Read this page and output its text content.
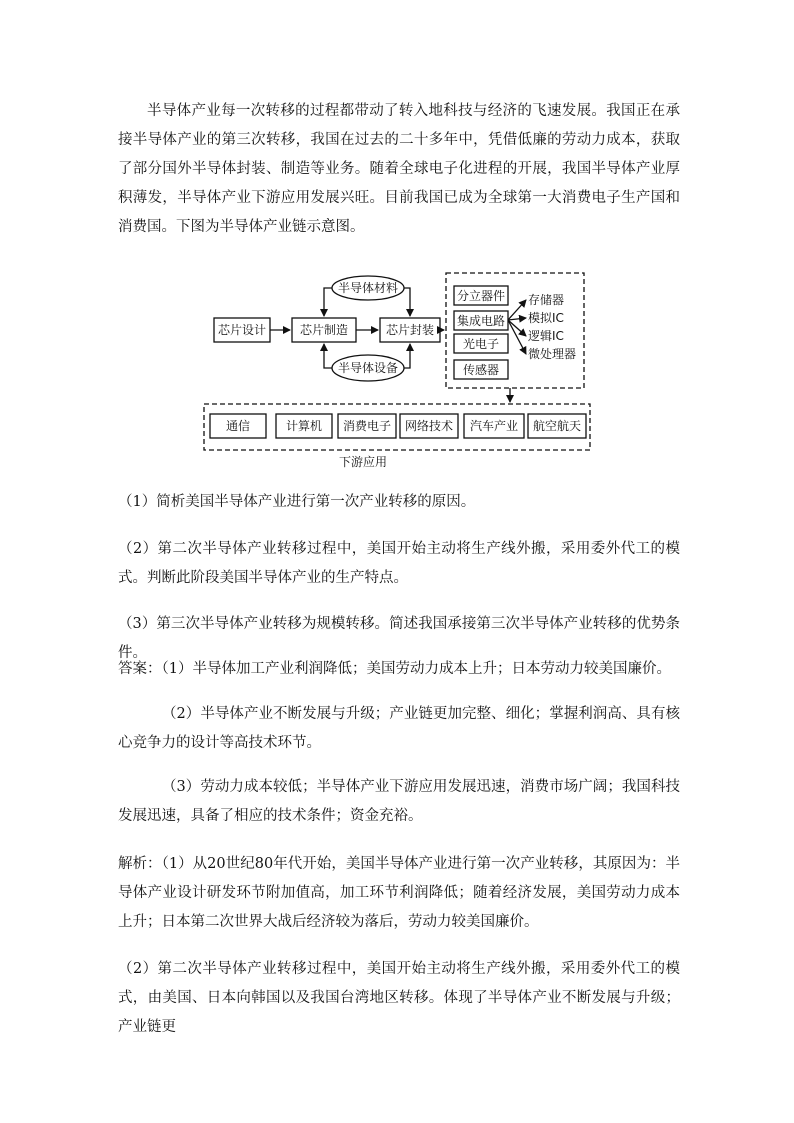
半导体产业每一次转移的过程都带动了转入地科技与经济的飞速发展。我国正在承接半导体产业的第三次转移，我国在过去的二十多年中，凭借低廉的劳动力成本，获取了部分国外半导体封装、制造等业务。随着全球电子化进程的开展，我国半导体产业厚积薄发，半导体产业下游应用发展兴旺。目前我国已成为全球第一大消费电子生产国和消费国。下图为半导体产业链示意图。

芯片设计	芯片制造	芯片封装
半导体材料
半导体设备
分立器件
集成电路
光电子
传感器
存储器
模拟IC
逻辑IC
微处理器
通信	计算机 消费电子 网络技术 汽车产业 航空航天
下游应用

（1）简析美国半导体产业进行第一次产业转移的原因。

（2）第二次半导体产业转移过程中，美国开始主动将生产线外搬，采用委外代工的模式。判断此阶段美国半导体产业的生产特点。

（3）第三次半导体产业转移为规模转移。简述我国承接第三次半导体产业转移的优势条件。

答案：（1）半导体加工产业利润降低；美国劳动力成本上升；日本劳动力较美国廉价。

（2）半导体产业不断发展与升级；产业链更加完整、细化；掌握利润高、具有核心竞争力的设计等高技术环节。

（3）劳动力成本较低；半导体产业下游应用发展迅速，消费市场广阔；我国科技发展迅速，具备了相应的技术条件；资金充裕。

解析：（1）从20世纪80年代开始，美国半导体产业进行第一次产业转移，其原因为：半导体产业设计研发环节附加值高，加工环节利润降低；随着经济发展，美国劳动力成本上升；日本第二次世界大战后经济较为落后，劳动力较美国廉价。

（2）第二次半导体产业转移过程中，美国开始主动将生产线外搬，采用委外代工的模式，由美国、日本向韩国以及我国台湾地区转移。体现了半导体产业不断发展与升级；产业链更
